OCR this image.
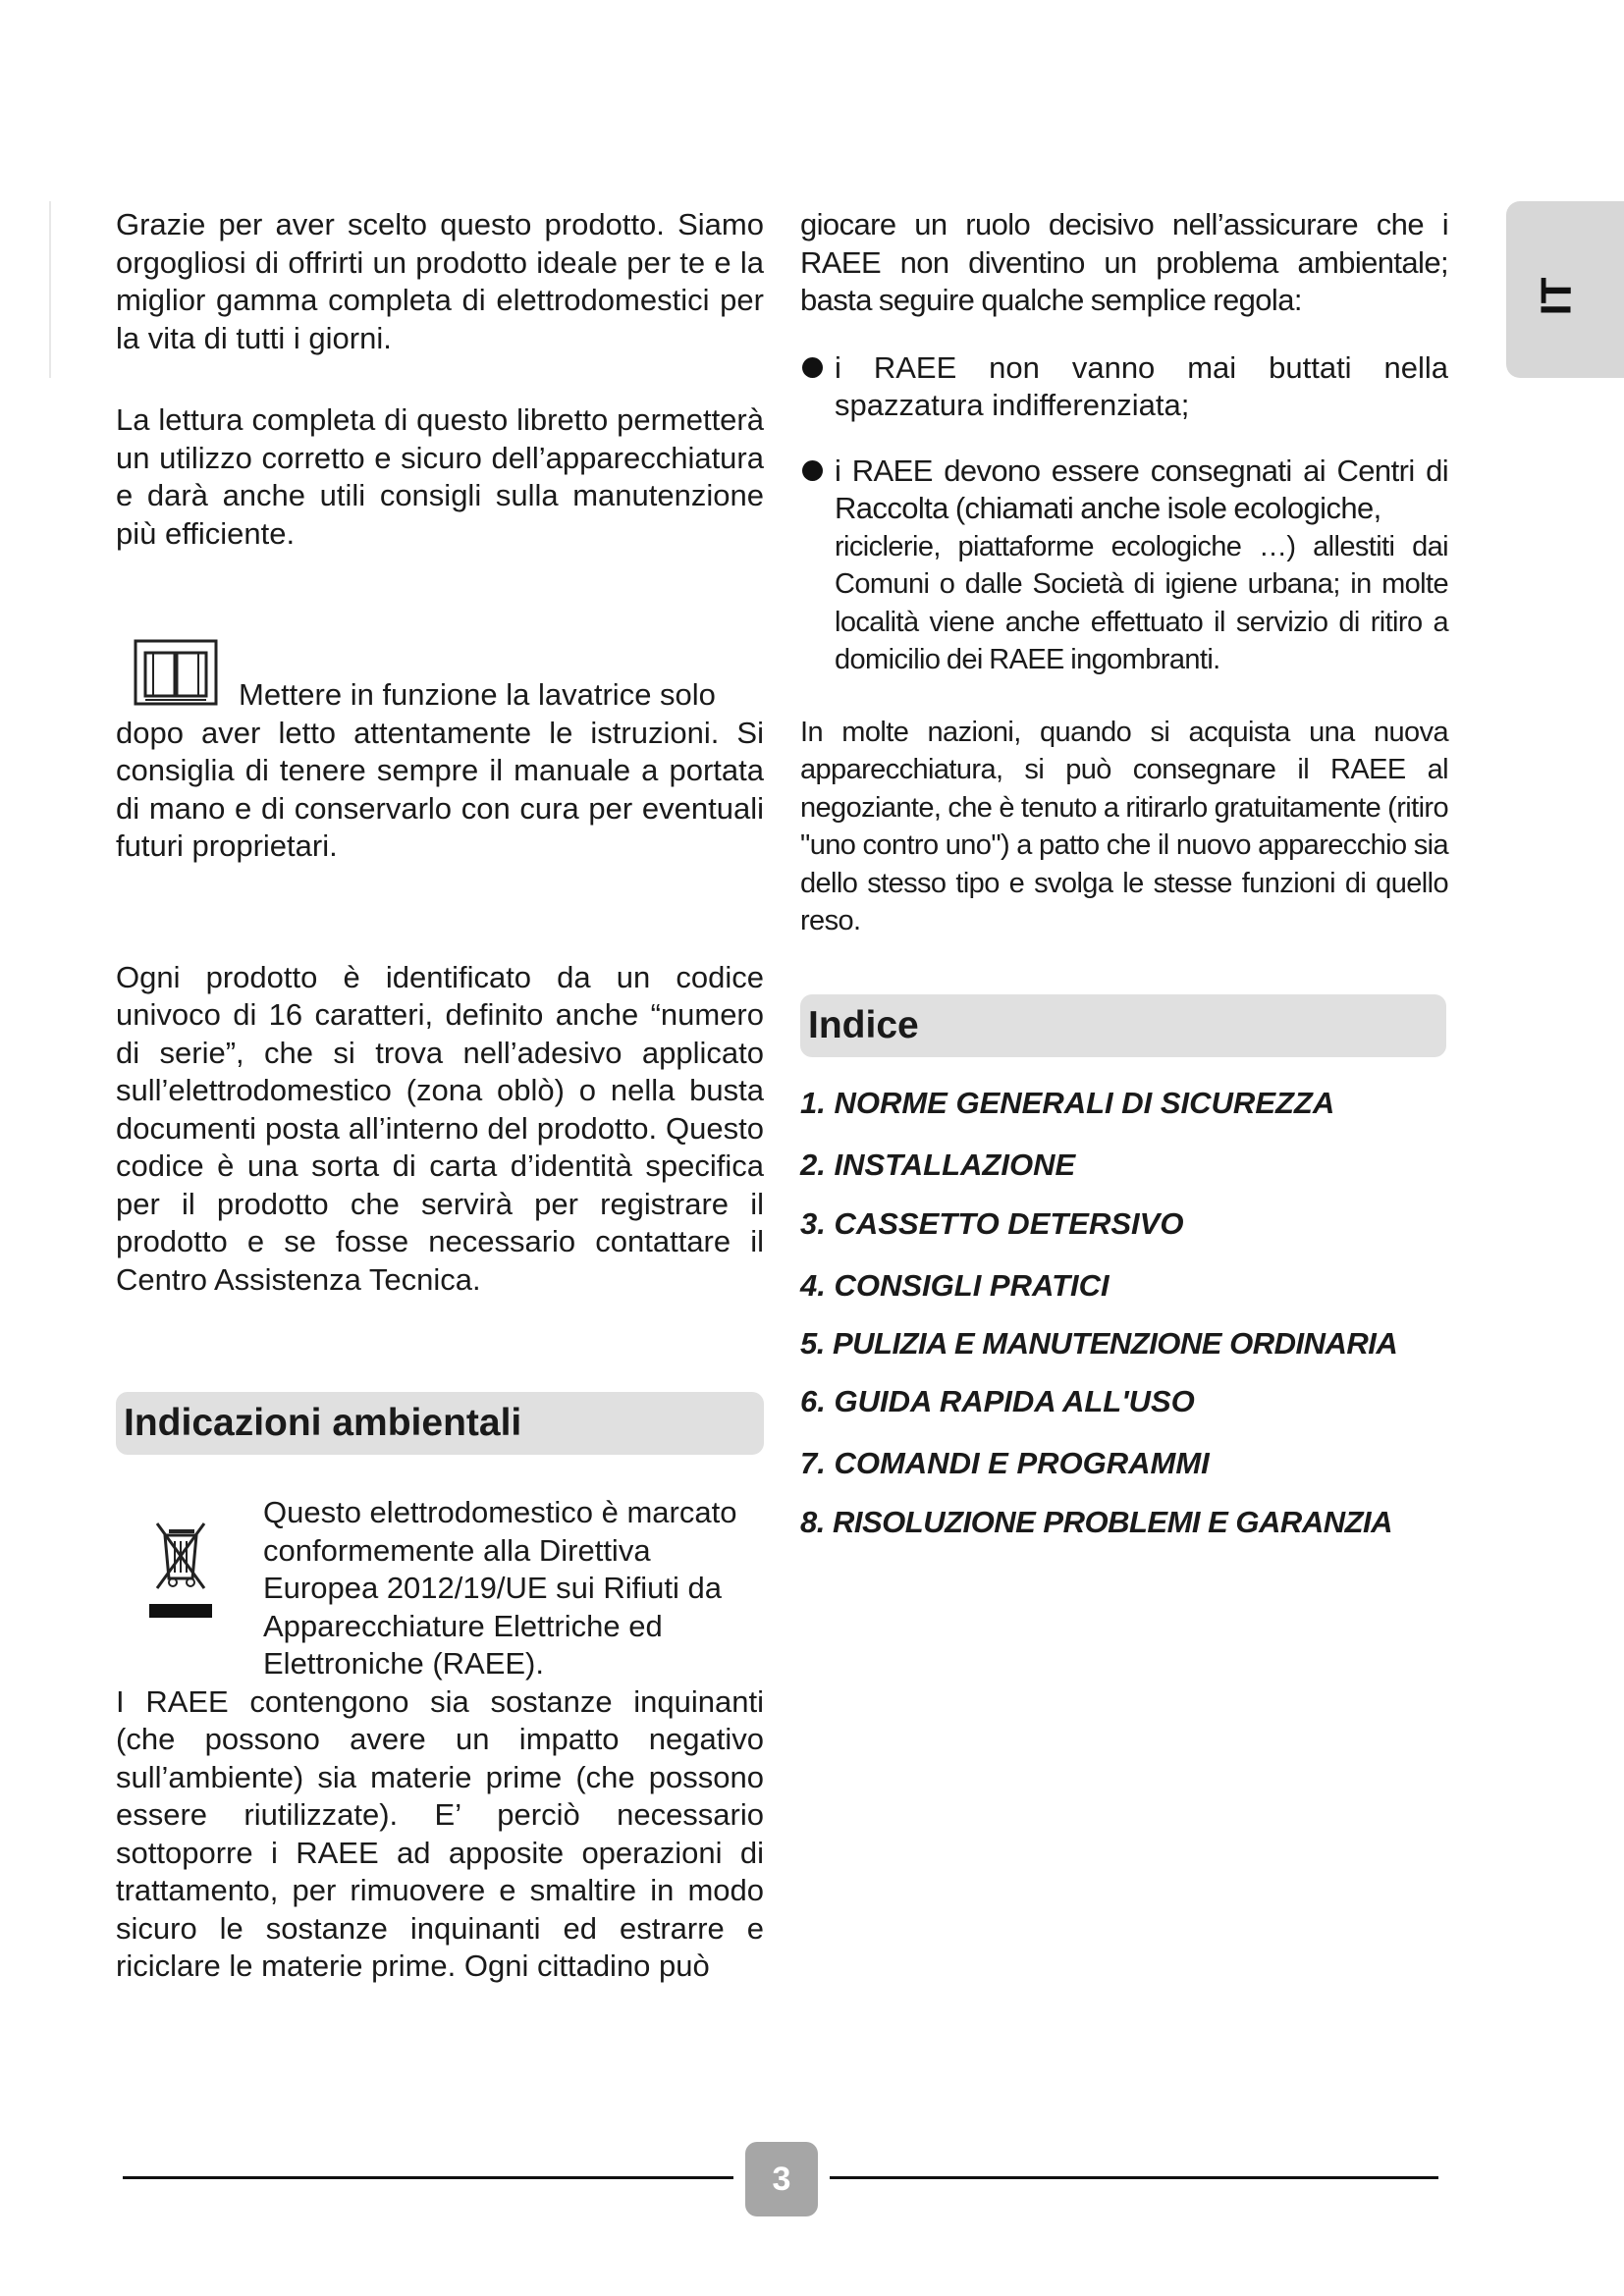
IT

Grazie per aver scelto questo prodotto. Siamo orgogliosi di offrirti un prodotto ideale per te e la miglior gamma completa di elettrodomestici per la vita di tutti i giorni.

La lettura completa di questo libretto permetterà un utilizzo corretto e sicuro dell’apparecchiatura e darà anche utili consigli sulla manutenzione più efficiente.

Mettere in funzione la lavatrice solo

dopo aver letto attentamente le istruzioni. Si consiglia di tenere sempre il manuale a portata di mano e di conservarlo con cura per eventuali futuri proprietari.

Ogni prodotto è identificato da un codice univoco di 16 caratteri, definito anche “numero di serie”, che si trova nell’adesivo applicato sull’elettrodomestico (zona oblò) o nella busta documenti posta all’interno del prodotto. Questo codice è una sorta di carta d’identità specifica per il prodotto che servirà per registrare il prodotto e se fosse necessario contattare il Centro Assistenza Tecnica.

Indicazioni ambientali

Questo elettrodomestico è marcato conformemente alla Direttiva Europea 2012/19/UE sui Rifiuti da Apparecchiature Elettriche ed Elettroniche (RAEE).

I RAEE contengono sia sostanze inquinanti (che possono avere un impatto negativo sull’ambiente) sia materie prime (che possono essere riutilizzate). E’ perciò necessario sottoporre i RAEE ad apposite operazioni di trattamento, per rimuovere e smaltire in modo sicuro le sostanze inquinanti ed estrarre e riciclare le materie prime. Ogni cittadino può

giocare un ruolo decisivo nell’assicurare che i RAEE non diventino un problema ambientale; basta seguire qualche semplice regola:

i RAEE non vanno mai buttati nella spazzatura indifferenziata;

i RAEE devono essere consegnati ai Centri di Raccolta (chiamati anche isole ecologiche,

riciclerie, piattaforme ecologiche …) allestiti dai Comuni o dalle Società di igiene urbana; in molte località viene anche effettuato il servizio di ritiro a domicilio dei RAEE ingombranti.

In molte nazioni, quando si acquista una nuova apparecchiatura, si può consegnare il RAEE al negoziante, che è tenuto a ritirarlo gratuitamente (ritiro "uno contro uno") a patto che il nuovo apparecchio sia dello stesso tipo e svolga le stesse funzioni di quello reso.

Indice

1. NORME GENERALI DI SICUREZZA

2. INSTALLAZIONE

3. CASSETTO DETERSIVO

4. CONSIGLI PRATICI

5. PULIZIA E MANUTENZIONE ORDINARIA

6. GUIDA RAPIDA ALL'USO

7. COMANDI E PROGRAMMI

8. RISOLUZIONE PROBLEMI E GARANZIA

3
